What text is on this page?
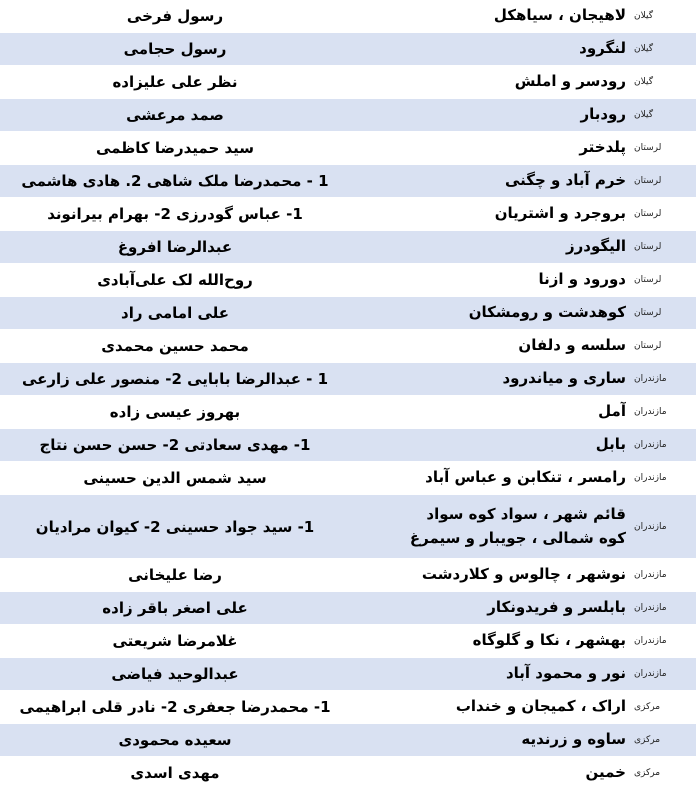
گیلان	لاهیجان ، سیاهکل	رسول فرخی
گیلان	لنگرود	رسول حجامی
گیلان	رودسر و املش	نظر علی علیزاده
گیلان	رودبار	صمد مرعشی
لرستان	پلدختر	سید حمیدرضا کاظمی
لرستان	خرم آباد و چگنی	1 - محمدرضا ملک شاهی 2. هادی هاشمی
لرستان	بروجرد و اشتریان	1- عباس گودرزی 2- بهرام بیرانوند
لرستان	الیگودرز	عبدالرضا افروغ
لرستان	دورود و ازنا	روح‌الله لک علی‌آبادی
لرستان	کوهدشت و رومشکان	علی امامی راد
لرستان	سلسه و دلفان	محمد حسین محمدی
مازندران	ساری و میاندرود	1 - عبدالرضا بابایی 2- منصور علی زارعی
مازندران	آمل	بهروز عیسی زاده
مازندران	بابل	1- مهدی سعادتی 2- حسن حسن نتاج
مازندران	رامسر ، تنکابن و عباس آباد	سید شمس الدین حسینی
مازندران	قائم شهر ، سواد کوه سواد کوه شمالی ، جویبار و سیمرغ	1- سید جواد حسینی 2- کیوان مرادیان
مازندران	نوشهر ، چالوس و کلاردشت	رضا علیخانی
مازندران	بابلسر و فریدونکار	علی اصغر باقر زاده
مازندران	بهشهر ، نکا و گلوگاه	غلامرضا شریعتی
مازندران	نور و محمود آباد	عبدالوحید فیاضی
مرکزی	اراک ، کمیجان و خنداب	1- محمدرضا جعفری 2- نادر قلی ابراهیمی
مرکزی	ساوه و زرندیه	سعیده محمودی
مرکزی	خمین	مهدی اسدی
